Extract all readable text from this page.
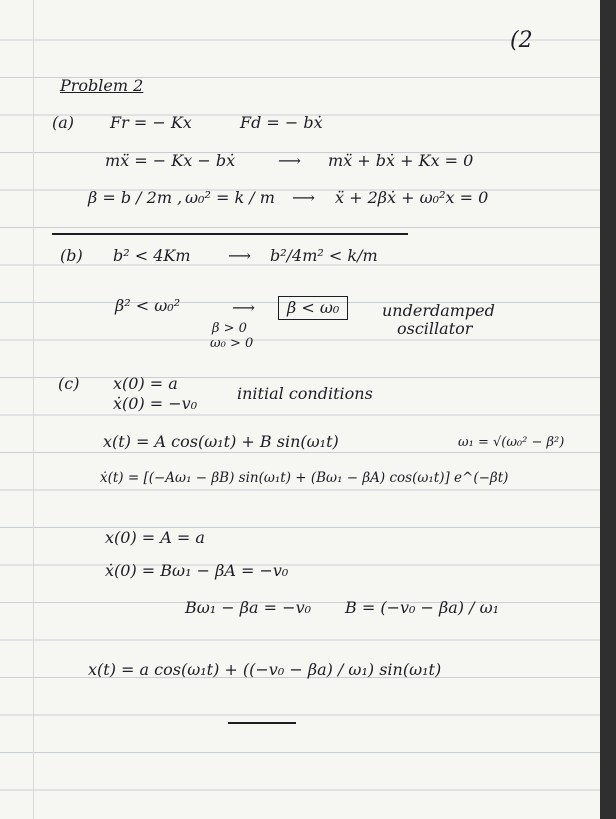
(2
Problem 2
(a) Fr = − Kx	Fd = − bẋ
mẍ = − Kx − bẋ	⟶ mẍ + bẋ + Kx = 0
β = b / 2m , ω₀² = k / m ⟶ ẍ + 2βẋ + ω₀²x = 0
(b) b² < 4Km ⟶ b²/4m² < k/m
β² < ω₀²	⟶	β < ω₀
β > 0
ω₀ > 0
underdamped
oscillator
(c) x(0) = a
ẋ(0) = −v₀
initial conditions
x(t) = A cos(ω₁t) + B sin(ω₁t)	ω₁ = √(ω₀² − β²)
ẋ(t) = [(−Aω₁ − βB) sin(ω₁t) + (Bω₁ − βA) cos(ω₁t)] e^(−βt)
x(0) = A = a
ẋ(0) = Bω₁ − βA = −v₀
Bω₁ − βa = −v₀ B = (−v₀ − βa) / ω₁
x(t) = a cos(ω₁t) + ((−v₀ − βa) / ω₁) sin(ω₁t)
